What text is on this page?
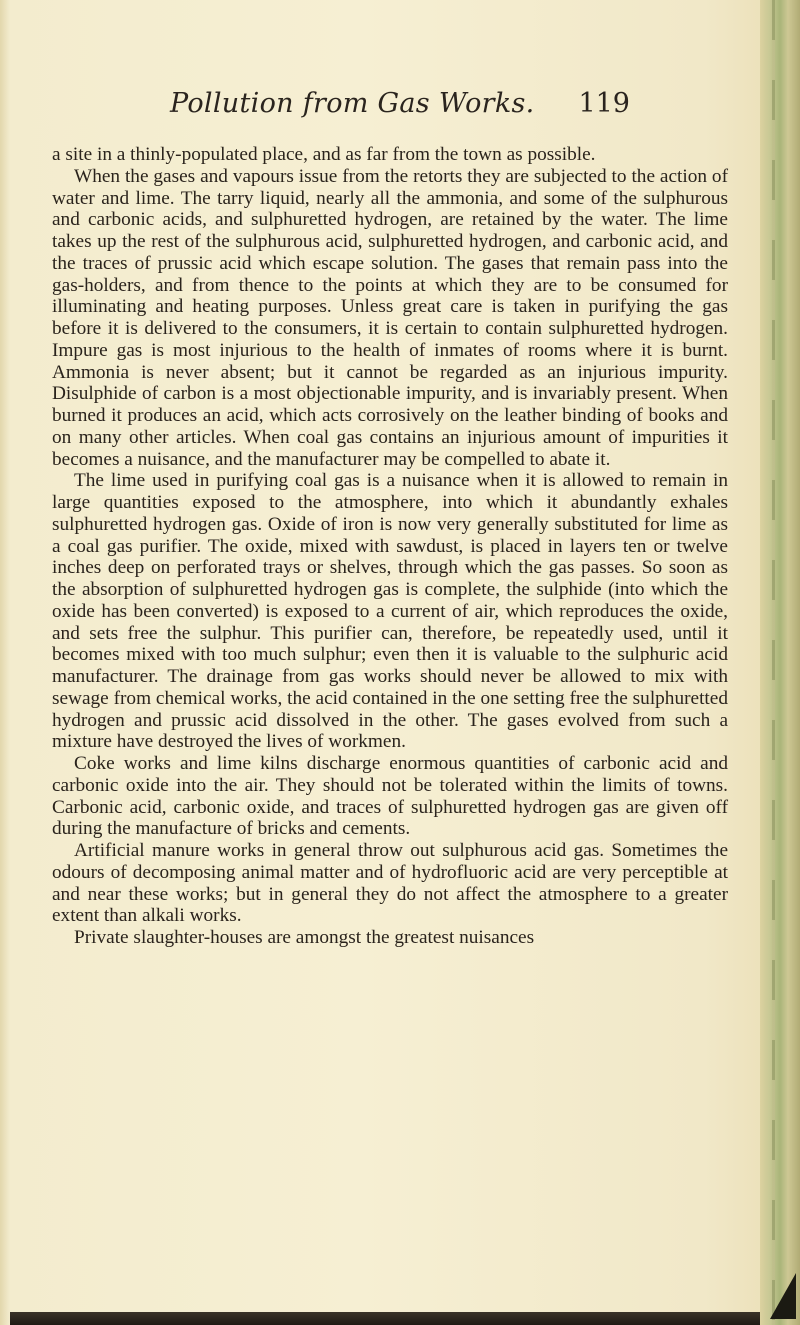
Pollution from Gas Works. 119

a site in a thinly-populated place, and as far from the town as possible.

When the gases and vapours issue from the retorts they are subjected to the action of water and lime. The tarry liquid, nearly all the ammonia, and some of the sulphurous and carbonic acids, and sulphuretted hydrogen, are retained by the water. The lime takes up the rest of the sulphurous acid, sulphuretted hydrogen, and carbonic acid, and the traces of prussic acid which escape solution. The gases that remain pass into the gas-holders, and from thence to the points at which they are to be consumed for illuminating and heating purposes. Unless great care is taken in purifying the gas before it is delivered to the consumers, it is certain to contain sulphuretted hydrogen. Impure gas is most injurious to the health of inmates of rooms where it is burnt. Ammonia is never absent; but it cannot be regarded as an injurious impurity. Disulphide of carbon is a most objectionable impurity, and is invariably present. When burned it produces an acid, which acts corrosively on the leather binding of books and on many other articles. When coal gas contains an injurious amount of impurities it becomes a nuisance, and the manufacturer may be compelled to abate it.

The lime used in purifying coal gas is a nuisance when it is allowed to remain in large quantities exposed to the atmosphere, into which it abundantly exhales sulphuretted hydrogen gas. Oxide of iron is now very generally substituted for lime as a coal gas purifier. The oxide, mixed with sawdust, is placed in layers ten or twelve inches deep on perforated trays or shelves, through which the gas passes. So soon as the absorption of sulphuretted hydrogen gas is complete, the sulphide (into which the oxide has been converted) is exposed to a current of air, which reproduces the oxide, and sets free the sulphur. This purifier can, therefore, be repeatedly used, until it becomes mixed with too much sulphur; even then it is valuable to the sulphuric acid manufacturer. The drainage from gas works should never be allowed to mix with sewage from chemical works, the acid contained in the one setting free the sulphuretted hydrogen and prussic acid dissolved in the other. The gases evolved from such a mixture have destroyed the lives of workmen.

Coke works and lime kilns discharge enormous quantities of carbonic acid and carbonic oxide into the air. They should not be tolerated within the limits of towns. Carbonic acid, carbonic oxide, and traces of sulphuretted hydrogen gas are given off during the manufacture of bricks and cements.

Artificial manure works in general throw out sulphurous acid gas. Sometimes the odours of decomposing animal matter and of hydrofluoric acid are very perceptible at and near these works; but in general they do not affect the atmosphere to a greater extent than alkali works.

Private slaughter-houses are amongst the greatest nuisances
